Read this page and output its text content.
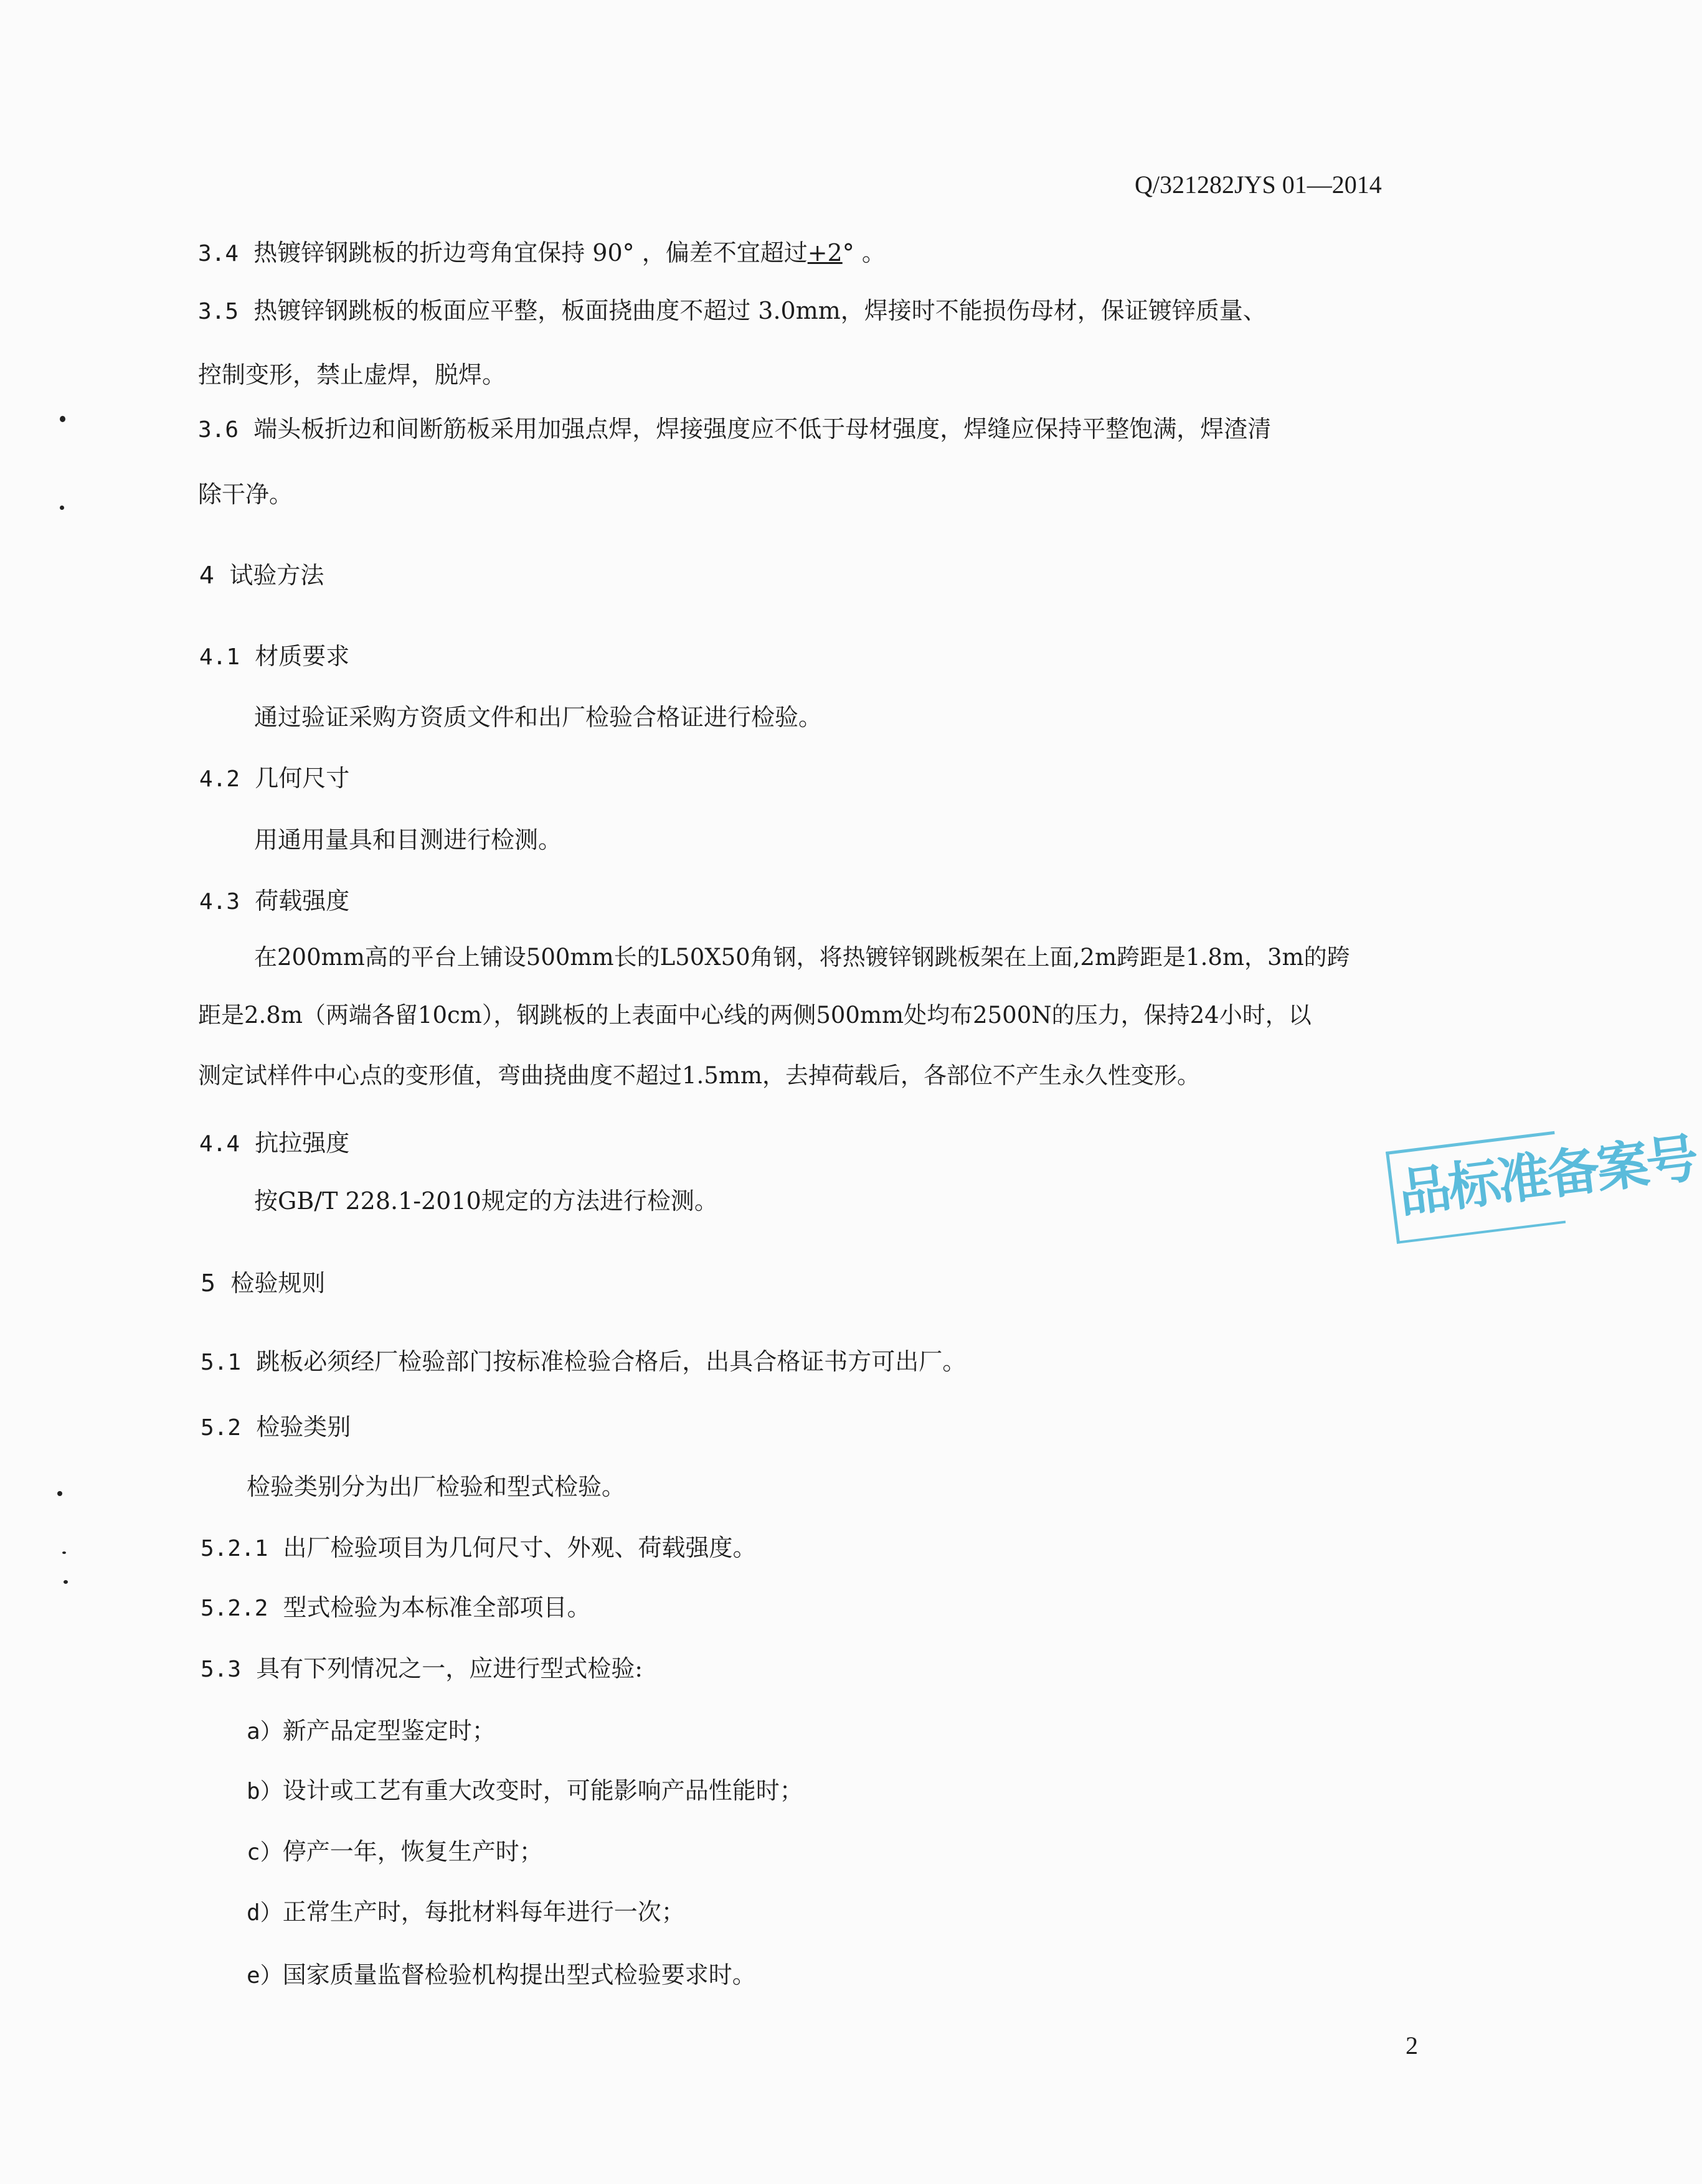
Q/321282JYS 01—2014

3.4 热镀锌钢跳板的折边弯角宜保持 90° ，偏差不宜超过+2° 。

3.5 热镀锌钢跳板的板面应平整，板面挠曲度不超过 3.0mm，焊接时不能损伤母材，保证镀锌质量、

控制变形，禁止虚焊，脱焊。

3.6 端头板折边和间断筋板采用加强点焊，焊接强度应不低于母材强度，焊缝应保持平整饱满，焊渣清

除干净。

4 试验方法

4.1 材质要求

通过验证采购方资质文件和出厂检验合格证进行检验。

4.2 几何尺寸

用通用量具和目测进行检测。

4.3 荷载强度

在200mm高的平台上铺设500mm长的L50X50角钢，将热镀锌钢跳板架在上面,2m跨距是1.8m，3m的跨

距是2.8m（两端各留10cm），钢跳板的上表面中心线的两侧500mm处均布2500N的压力，保持24小时，以

测定试样件中心点的变形值，弯曲挠曲度不超过1.5mm，去掉荷载后，各部位不产生永久性变形。

4.4 抗拉强度

按GB/T 228.1-2010规定的方法进行检测。

5 检验规则

5.1 跳板必须经厂检验部门按标准检验合格后，出具合格证书方可出厂。

5.2 检验类别

检验类别分为出厂检验和型式检验。

5.2.1 出厂检验项目为几何尺寸、外观、荷载强度。

5.2.2 型式检验为本标准全部项目。

5.3 具有下列情况之一，应进行型式检验:

a）新产品定型鉴定时；

b）设计或工艺有重大改变时，可能影响产品性能时；

c）停产一年，恢复生产时；

d）正常生产时，每批材料每年进行一次；

e）国家质量监督检验机构提出型式检验要求时。

品标准备案号
2
